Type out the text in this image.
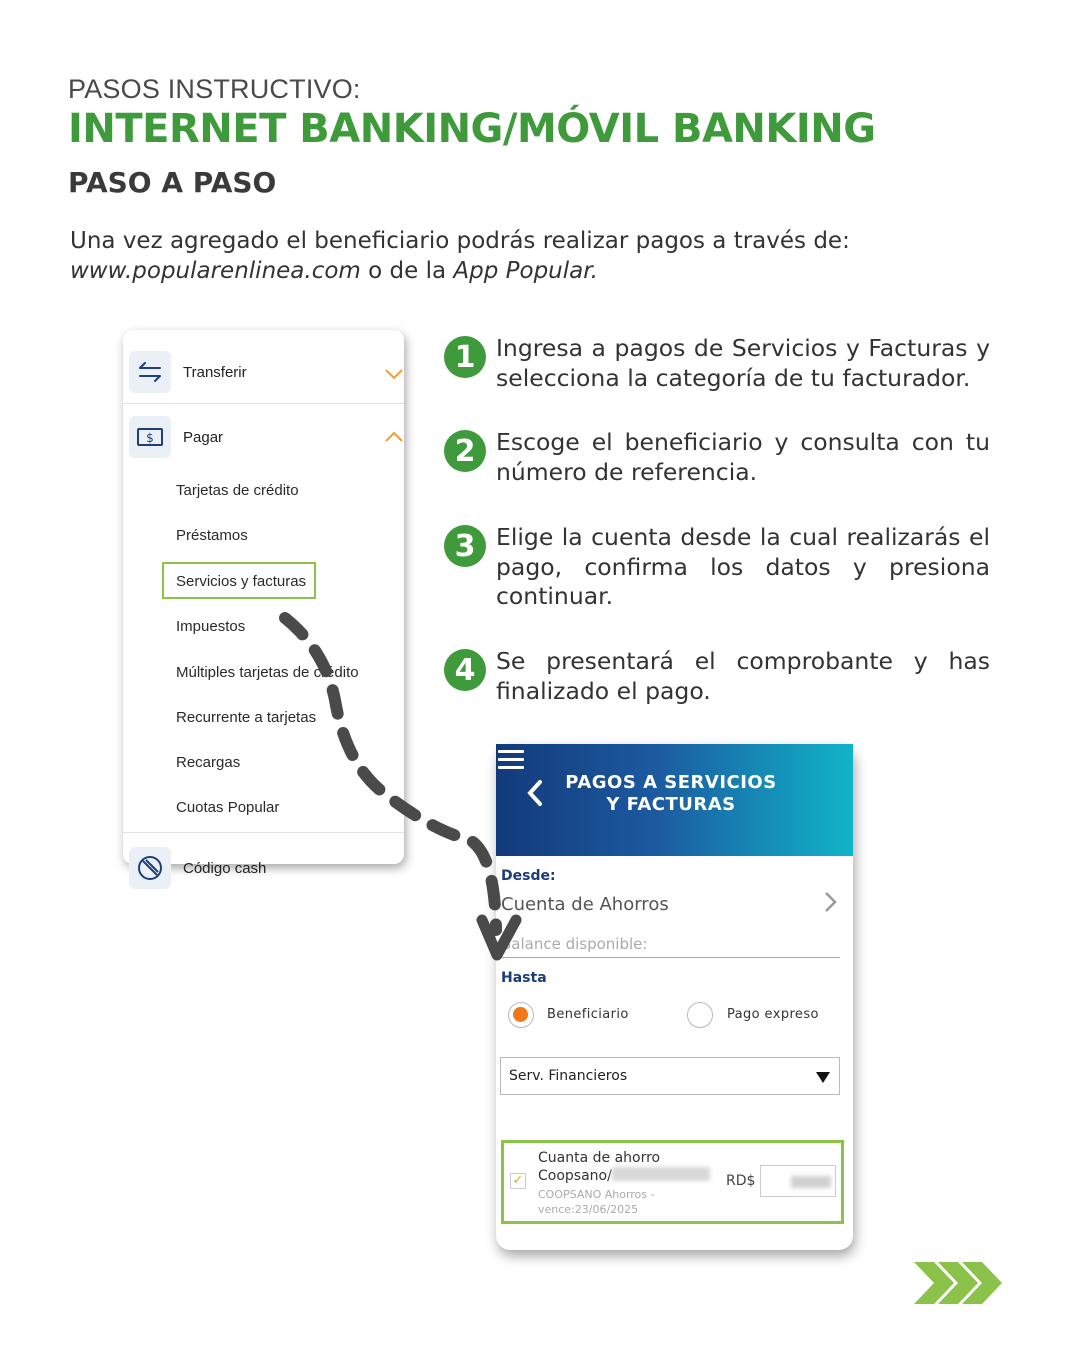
PASOS INSTRUCTIVO:
INTERNET BANKING/MÓVIL BANKING
PASO A PASO
Una vez agregado el beneficiario podrás realizar pagos a través de:
www.popularenlinea.com o de la App Popular.
Transferir
$ Pagar
Tarjetas de crédito
Préstamos
Servicios y facturas
Impuestos
Múltiples tarjetas de crédito
Recurrente a tarjetas
Recargas
Cuotas Popular
Código cash
1 Ingresa a pagos de Servicios y Facturas y selecciona la categoría de tu facturador.
2 Escoge el beneficiario y consulta con tu número de referencia.
3 Elige la cuenta desde la cual realizarás el pago, confirma los datos y presiona continuar.
4 Se presentará el comprobante y has finalizado el pago.
PAGOS A SERVICIOS
Y FACTURAS
Desde:
Cuenta de Ahorros
Balance disponible:
Hasta
Beneficiario	Pago expreso
Serv. Financieros
✓
Cuanta de ahorro
Coopsano/
COOPSANO Ahorros -
vence:23/06/2025
RD$
